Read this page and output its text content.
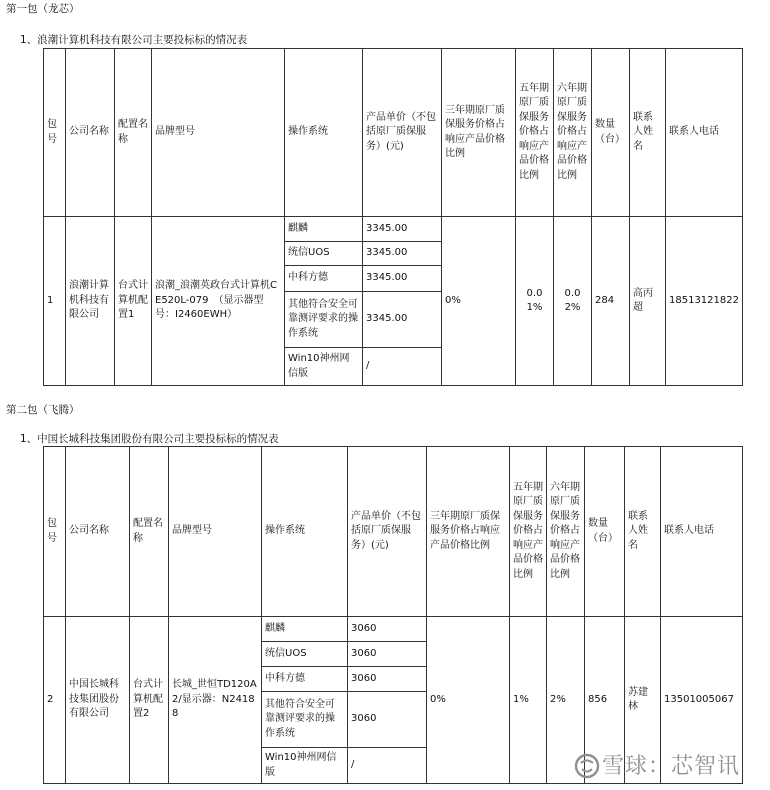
第一包（龙芯）
1、浪潮计算机科技有限公司主要投标标的情况表
包号	公司名称	配置名称	品牌型号	操作系统	产品单价（不包括原厂质保服务）(元)	三年期原厂质保服务价格占响应产品价格比例	五年期原厂质保服务价格占响应产品价格比例	六年期原厂质保服务价格占响应产品价格比例	数量（台）	联系人姓名	联系人电话
1	浪潮计算机科技有限公司	台式计算机配置1	浪潮_浪潮英政台式计算机CE520L-079　（显示器型号：I2460EWH）	麒麟	3345.00	0%	0.01%	0.02%	284	高丙超	18513121822
				统信UOS	3345.00						
				中科方德	3345.00						
				其他符合安全可靠测评要求的操作系统	3345.00						
				Win10神州网信版	/						
第二包（飞腾）
1、中国长城科技集团股份有限公司主要投标标的情况表
包号	公司名称	配置名称	品牌型号	操作系统	产品单价（不包括原厂质保服务）(元)	三年期原厂质保服务价格占响应产品价格比例	五年期原厂质保服务价格占响应产品价格比例	六年期原厂质保服务价格占响应产品价格比例	数量（台）	联系人姓名	联系人电话
2	中国长城科技集团股份有限公司	台式计算机配置2	长城_世恒TD120A2/显示器：N24188	麒麟	3060	0%	1%	2%	856	苏建林	13501005067
				统信UOS	3060						
				中科方德	3060						
				其他符合安全可靠测评要求的操作系统	3060						
				Win10神州网信版	/							雪球：芯智讯
